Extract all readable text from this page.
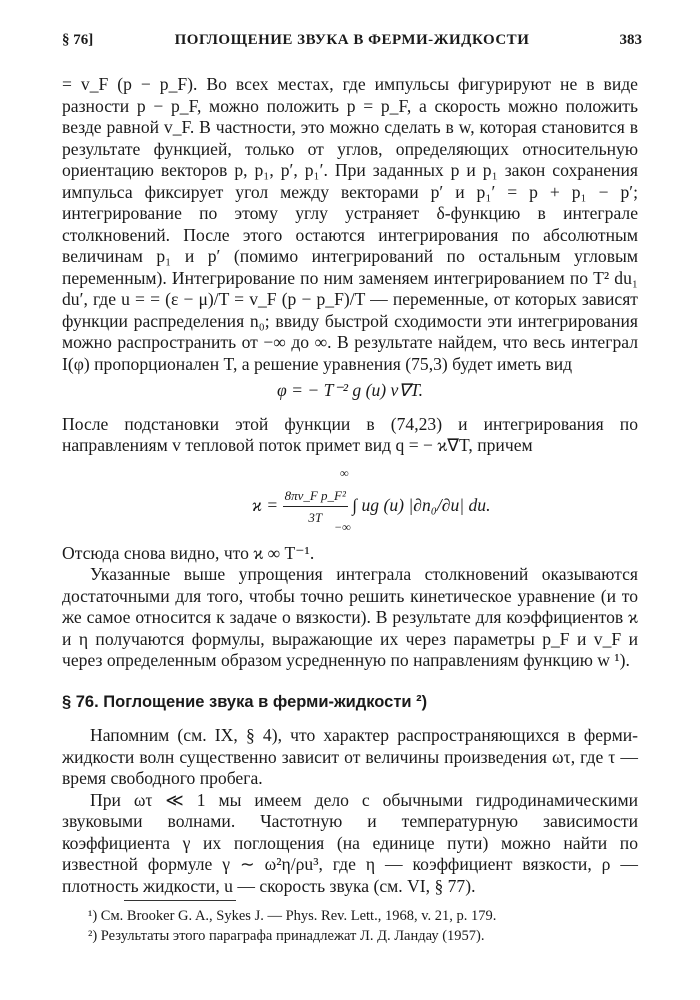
§ 76]	ПОГЛОЩЕНИЕ ЗВУКА В ФЕРМИ-ЖИДКОСТИ	383

= v_F (p − p_F). Во всех местах, где импульсы фигурируют не в виде разности p − p_F, можно положить p = p_F, а скорость можно положить везде равной v_F. В частности, это можно сделать в w, которая становится в результате функцией, только от углов, определяющих относительную ориентацию векторов p, p₁, p′, p₁′. При заданных p и p₁ закон сохранения импульса фиксирует угол между векторами p′ и p₁′ = p + p₁ − p′; интегрирование по этому углу устраняет δ-функцию в интеграле столкновений. После этого остаются интегрирования по абсолютным величинам p₁ и p′ (помимо интегрирований по остальным угловым переменным). Интегрирование по ним заменяем интегрированием по T² du₁ du′, где u = = (ε − μ)/T = v_F (p − p_F)/T — переменные, от которых зависят функции распределения n₀; ввиду быстрой сходимости эти интегрирования можно распространить от −∞ до ∞. В результате найдем, что весь интеграл I(φ) пропорционален T, а решение уравнения (75,3) будет иметь вид

φ = − T⁻² g (u) v∇T.

После подстановки этой функции в (74,23) и интегрирования по направлениям v тепловой поток примет вид q = − ϰ∇T, причем

$ϰ = \frac{\text{8πv\_F p\_F²}}{3T}$ ∫ ug (u) |∂n₀/∂u| du.
∞
−∞

Отсюда снова видно, что ϰ ∞ T⁻¹.

Указанные выше упрощения интеграла столкновений оказываются достаточными для того, чтобы точно решить кинетическое уравнение (и то же самое относится к задаче о вязкости). В результате для коэффициентов ϰ и η получаются формулы, выражающие их через параметры p_F и v_F и через определенным образом усредненную по направлениям функцию w ¹).

§ 76. Поглощение звука в ферми-жидкости ²)

Напомним (см. IX, § 4), что характер распространяющихся в ферми-жидкости волн существенно зависит от величины произведения ωτ, где τ — время свободного пробега.

При ωτ ≪ 1 мы имеем дело с обычными гидродинамическими звуковыми волнами. Частотную и температурную зависимости коэффициента γ их поглощения (на единице пути) можно найти по известной формуле γ ∼ ω²η/ρu³, где η — коэффициент вязкости, ρ — плотность жидкости, u — скорость звука (см. VI, § 77).

¹) См. Brooker G. A., Sykes J. — Phys. Rev. Lett., 1968, v. 21, p. 179.
²) Результаты этого параграфа принадлежат Л. Д. Ландау (1957).
